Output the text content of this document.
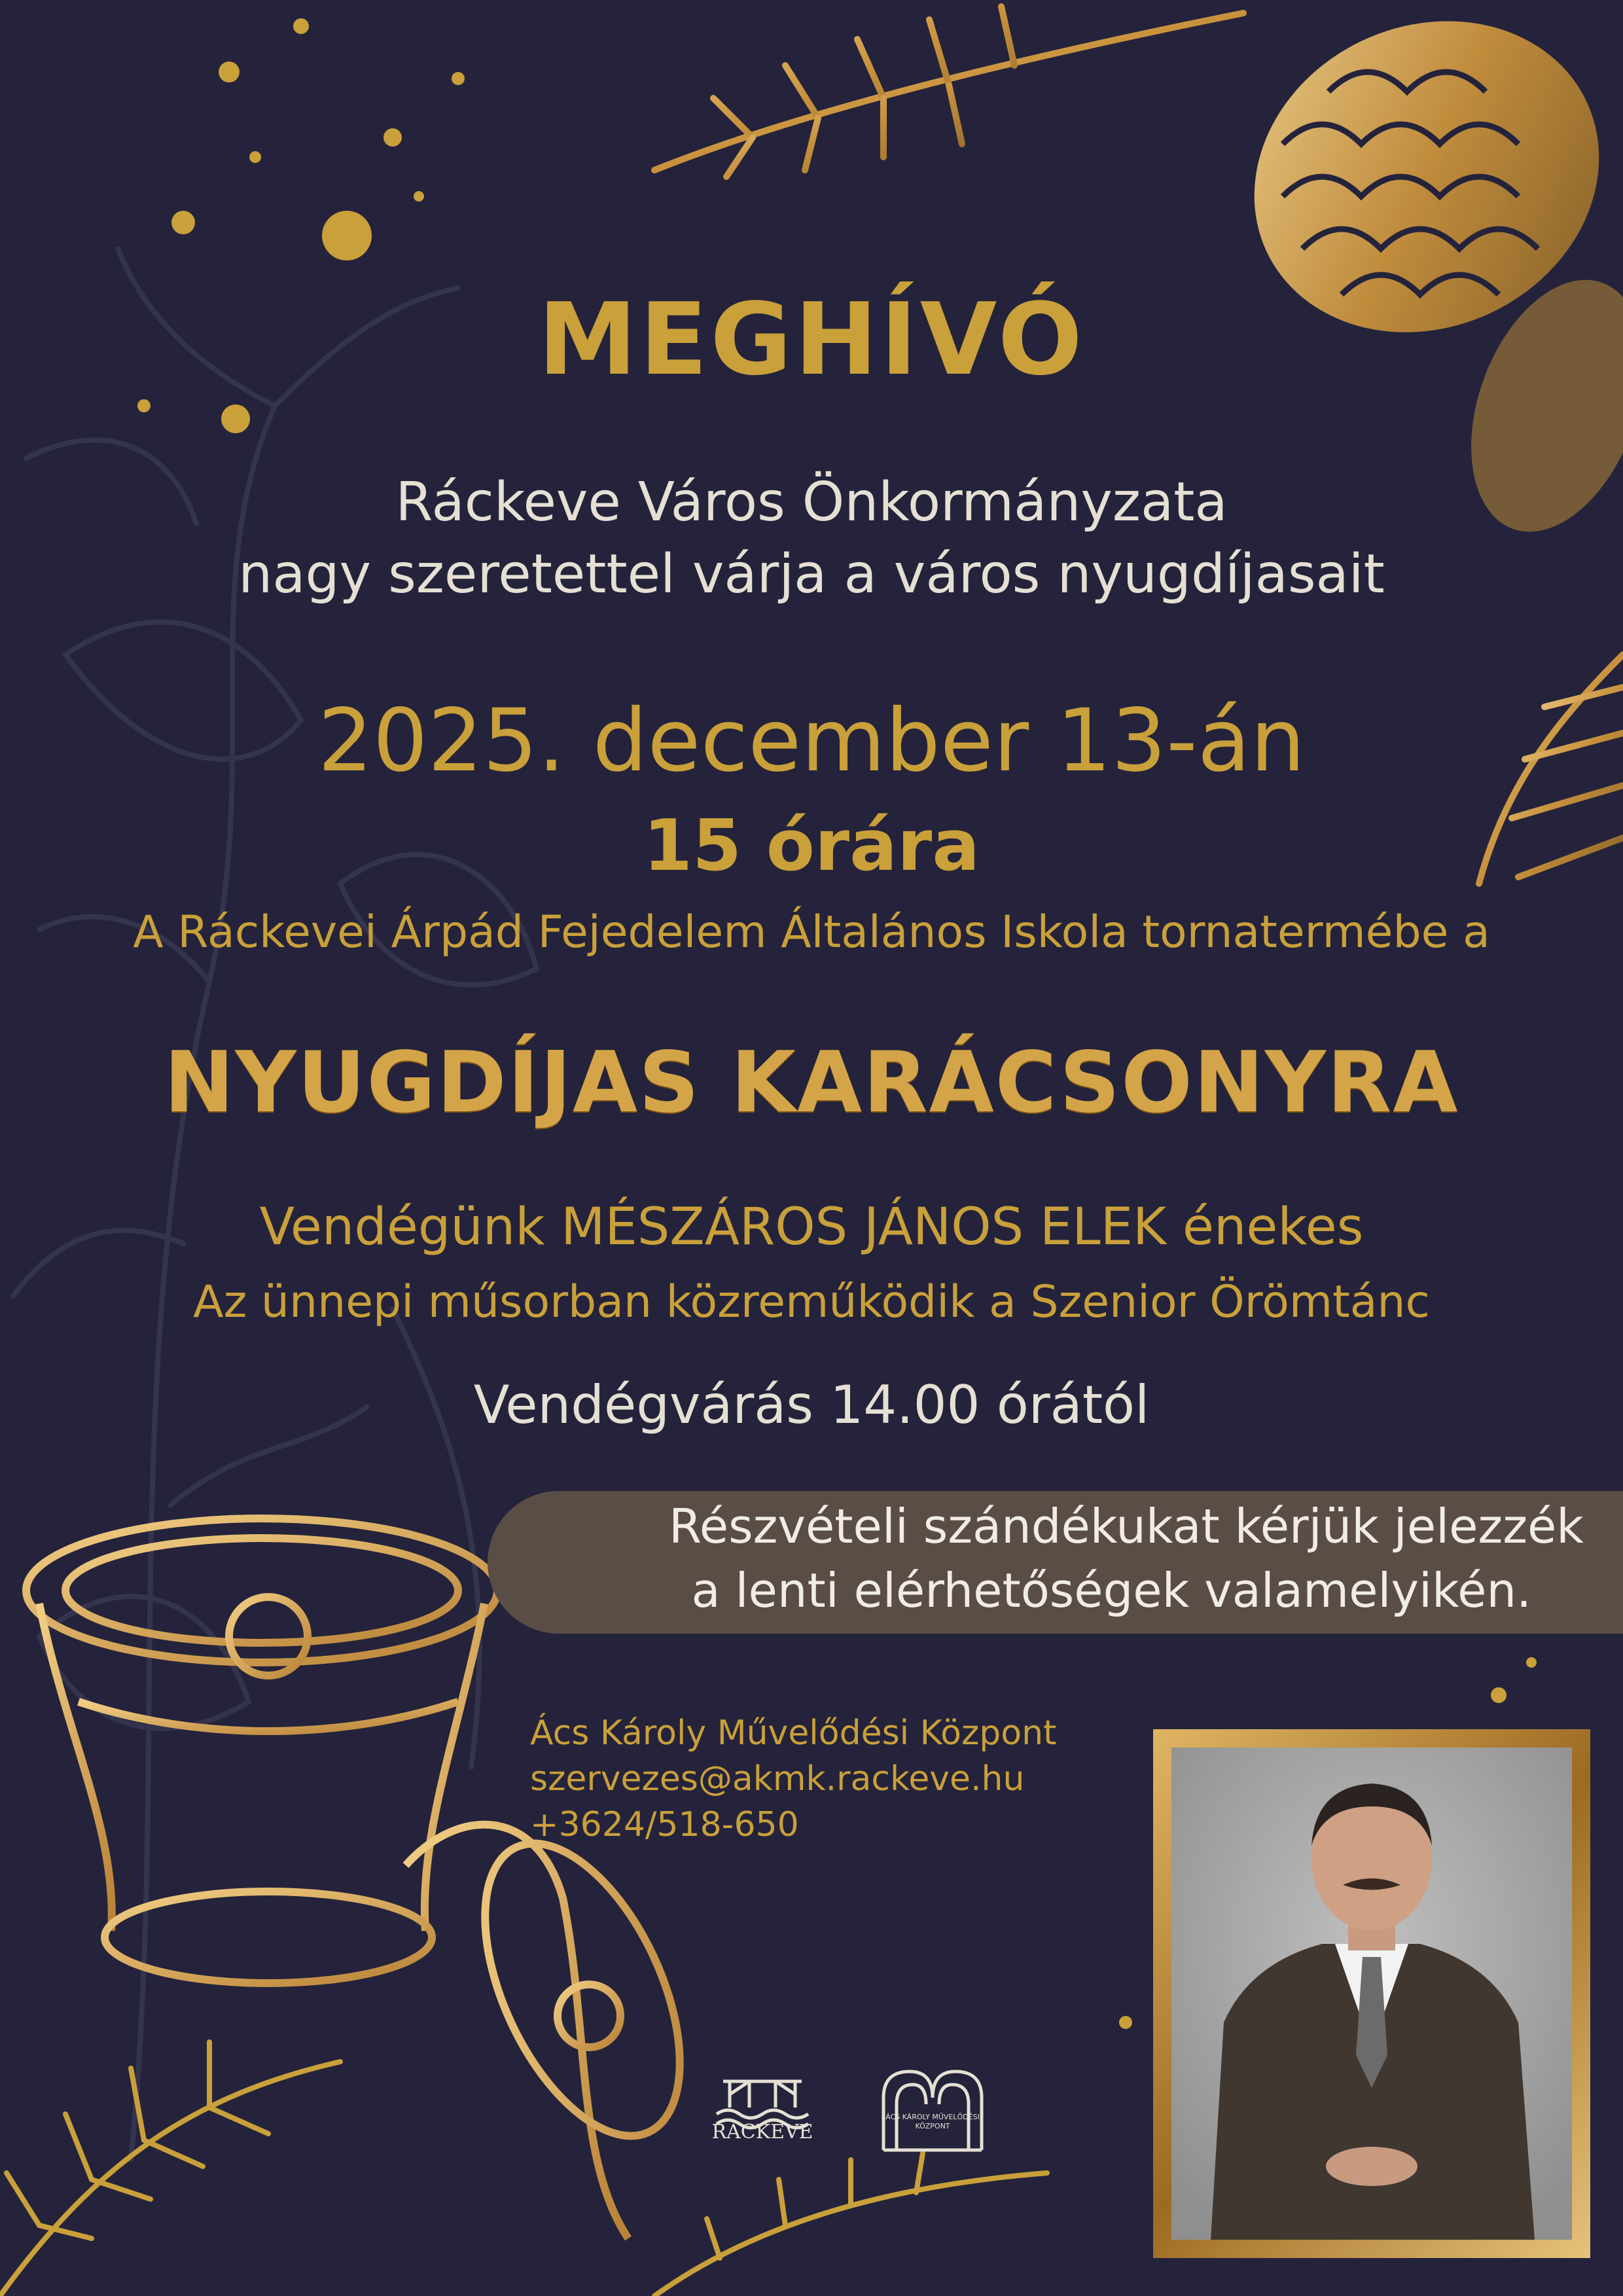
MEGHÍVÓ

Ráckeve Város Önkormányzata

nagy szeretettel várja a város nyugdíjasait

2025. december 13-án

15 órára

A Ráckevei Árpád Fejedelem Általános Iskola tornatermébe a

NYUGDÍJAS KARÁCSONYRA

Vendégünk MÉSZÁROS JÁNOS ELEK énekes

Az ünnepi műsorban közreműködik a Szenior Örömtánc

Vendégvárás 14.00 órától

Részvételi szándékukat kérjük jelezzék

a lenti elérhetőségek valamelyikén.

Ács Károly Művelődési Központ

szervezes@akmk.rackeve.hu

+3624/518-650

RÁCKEVE

ÁCS KÁROLY MŰVELŐDÉSI KÖZPONT
